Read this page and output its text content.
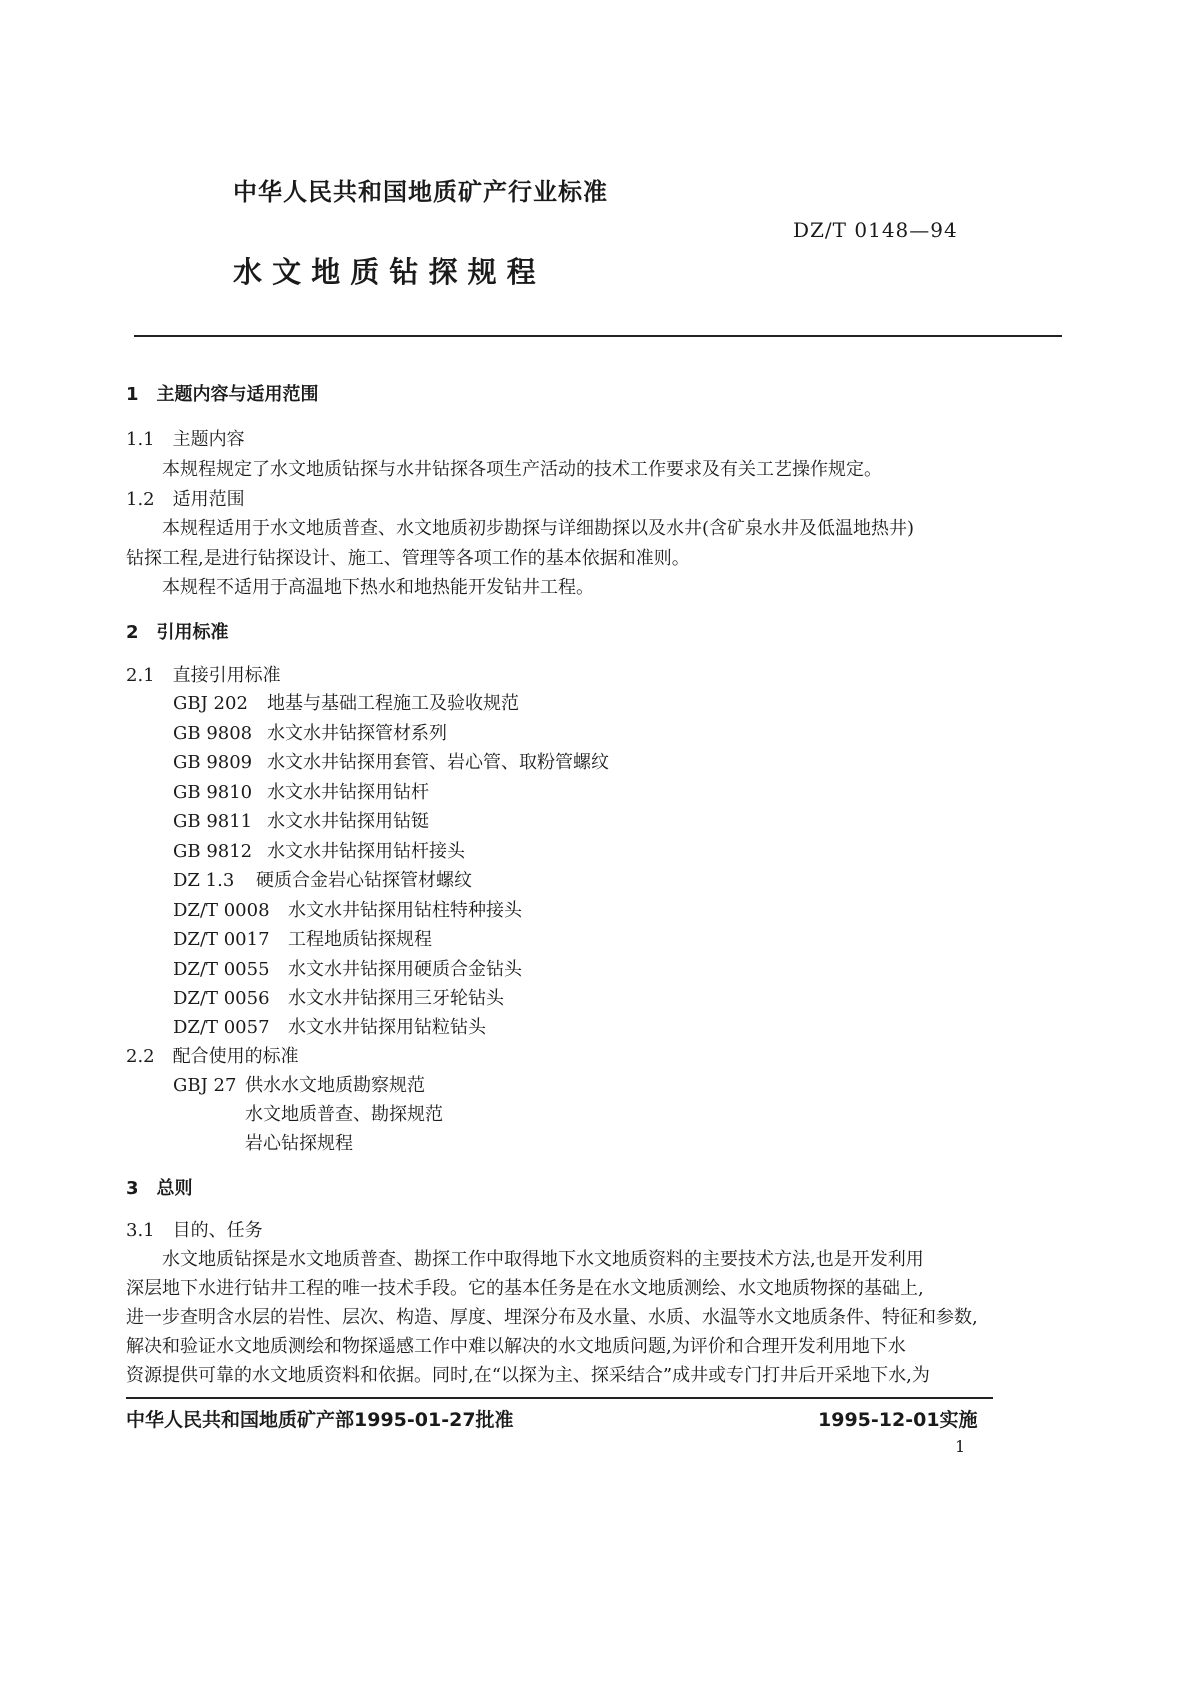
中华人民共和国地质矿产行业标准
DZ/T 0148—94
水 文 地 质 钻 探 规 程
1　主题内容与适用范围
1.1　主题内容
本规程规定了水文地质钻探与水井钻探各项生产活动的技术工作要求及有关工艺操作规定。
1.2　适用范围
本规程适用于水文地质普查、水文地质初步勘探与详细勘探以及水井(含矿泉水井及低温地热井)
钻探工程,是进行钻探设计、施工、管理等各项工作的基本依据和准则。
本规程不适用于高温地下热水和地热能开发钻井工程。
2　引用标准
2.1　直接引用标准
GBJ 202 地基与基础工程施工及验收规范
GB 9808 水文水井钻探管材系列
GB 9809 水文水井钻探用套管、岩心管、取粉管螺纹
GB 9810 水文水井钻探用钻杆
GB 9811 水文水井钻探用钻铤
GB 9812 水文水井钻探用钻杆接头
DZ 1.3 硬质合金岩心钻探管材螺纹
DZ/T 0008 水文水井钻探用钻柱特种接头
DZ/T 0017 工程地质钻探规程
DZ/T 0055 水文水井钻探用硬质合金钻头
DZ/T 0056 水文水井钻探用三牙轮钻头
DZ/T 0057 水文水井钻探用钻粒钻头
2.2　配合使用的标准
GBJ 27 供水水文地质勘察规范
水文地质普查、勘探规范
岩心钻探规程
3　总则
3.1　目的、任务
水文地质钻探是水文地质普查、勘探工作中取得地下水文地质资料的主要技术方法,也是开发利用
深层地下水进行钻井工程的唯一技术手段。它的基本任务是在水文地质测绘、水文地质物探的基础上,
进一步查明含水层的岩性、层次、构造、厚度、埋深分布及水量、水质、水温等水文地质条件、特征和参数,
解决和验证水文地质测绘和物探遥感工作中难以解决的水文地质问题,为评价和合理开发利用地下水
资源提供可靠的水文地质资料和依据。同时,在“以探为主、探采结合”成井或专门打井后开采地下水,为
中华人民共和国地质矿产部1995-01-27批准	1995-12-01实施
1
